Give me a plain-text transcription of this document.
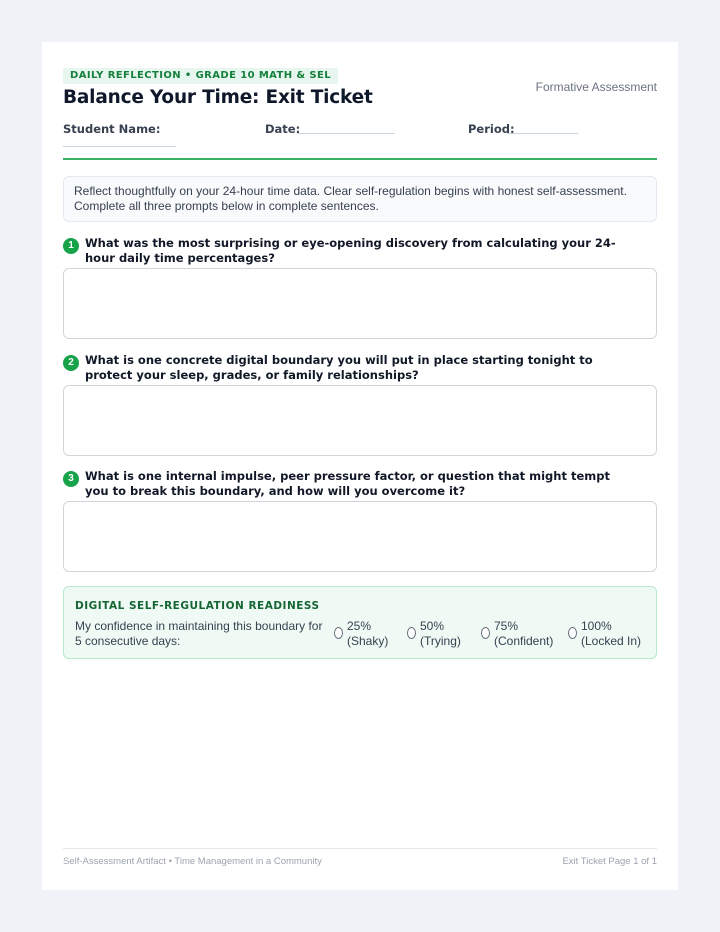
DAILY REFLECTION • GRADE 10 MATH & SEL
Balance Your Time: Exit Ticket	Formative Assessment
Student Name:	Date:	Period:
Reflect thoughtfully on your 24-hour time data. Clear self-regulation begins with honest self-assessment. Complete all three prompts below in complete sentences.
1 What was the most surprising or eye-opening discovery from calculating your 24-hour daily time percentages?
2 What is one concrete digital boundary you will put in place starting tonight to protect your sleep, grades, or family relationships?
3 What is one internal impulse, peer pressure factor, or question that might tempt you to break this boundary, and how will you overcome it?
DIGITAL SELF-REGULATION READINESS
My confidence in maintaining this boundary for 5 consecutive days:
25%
(Shaky)
50%
(Trying)
75%
(Confident)
100%
(Locked In)
Self-Assessment Artifact • Time Management in a Community	Exit Ticket Page 1 of 1
